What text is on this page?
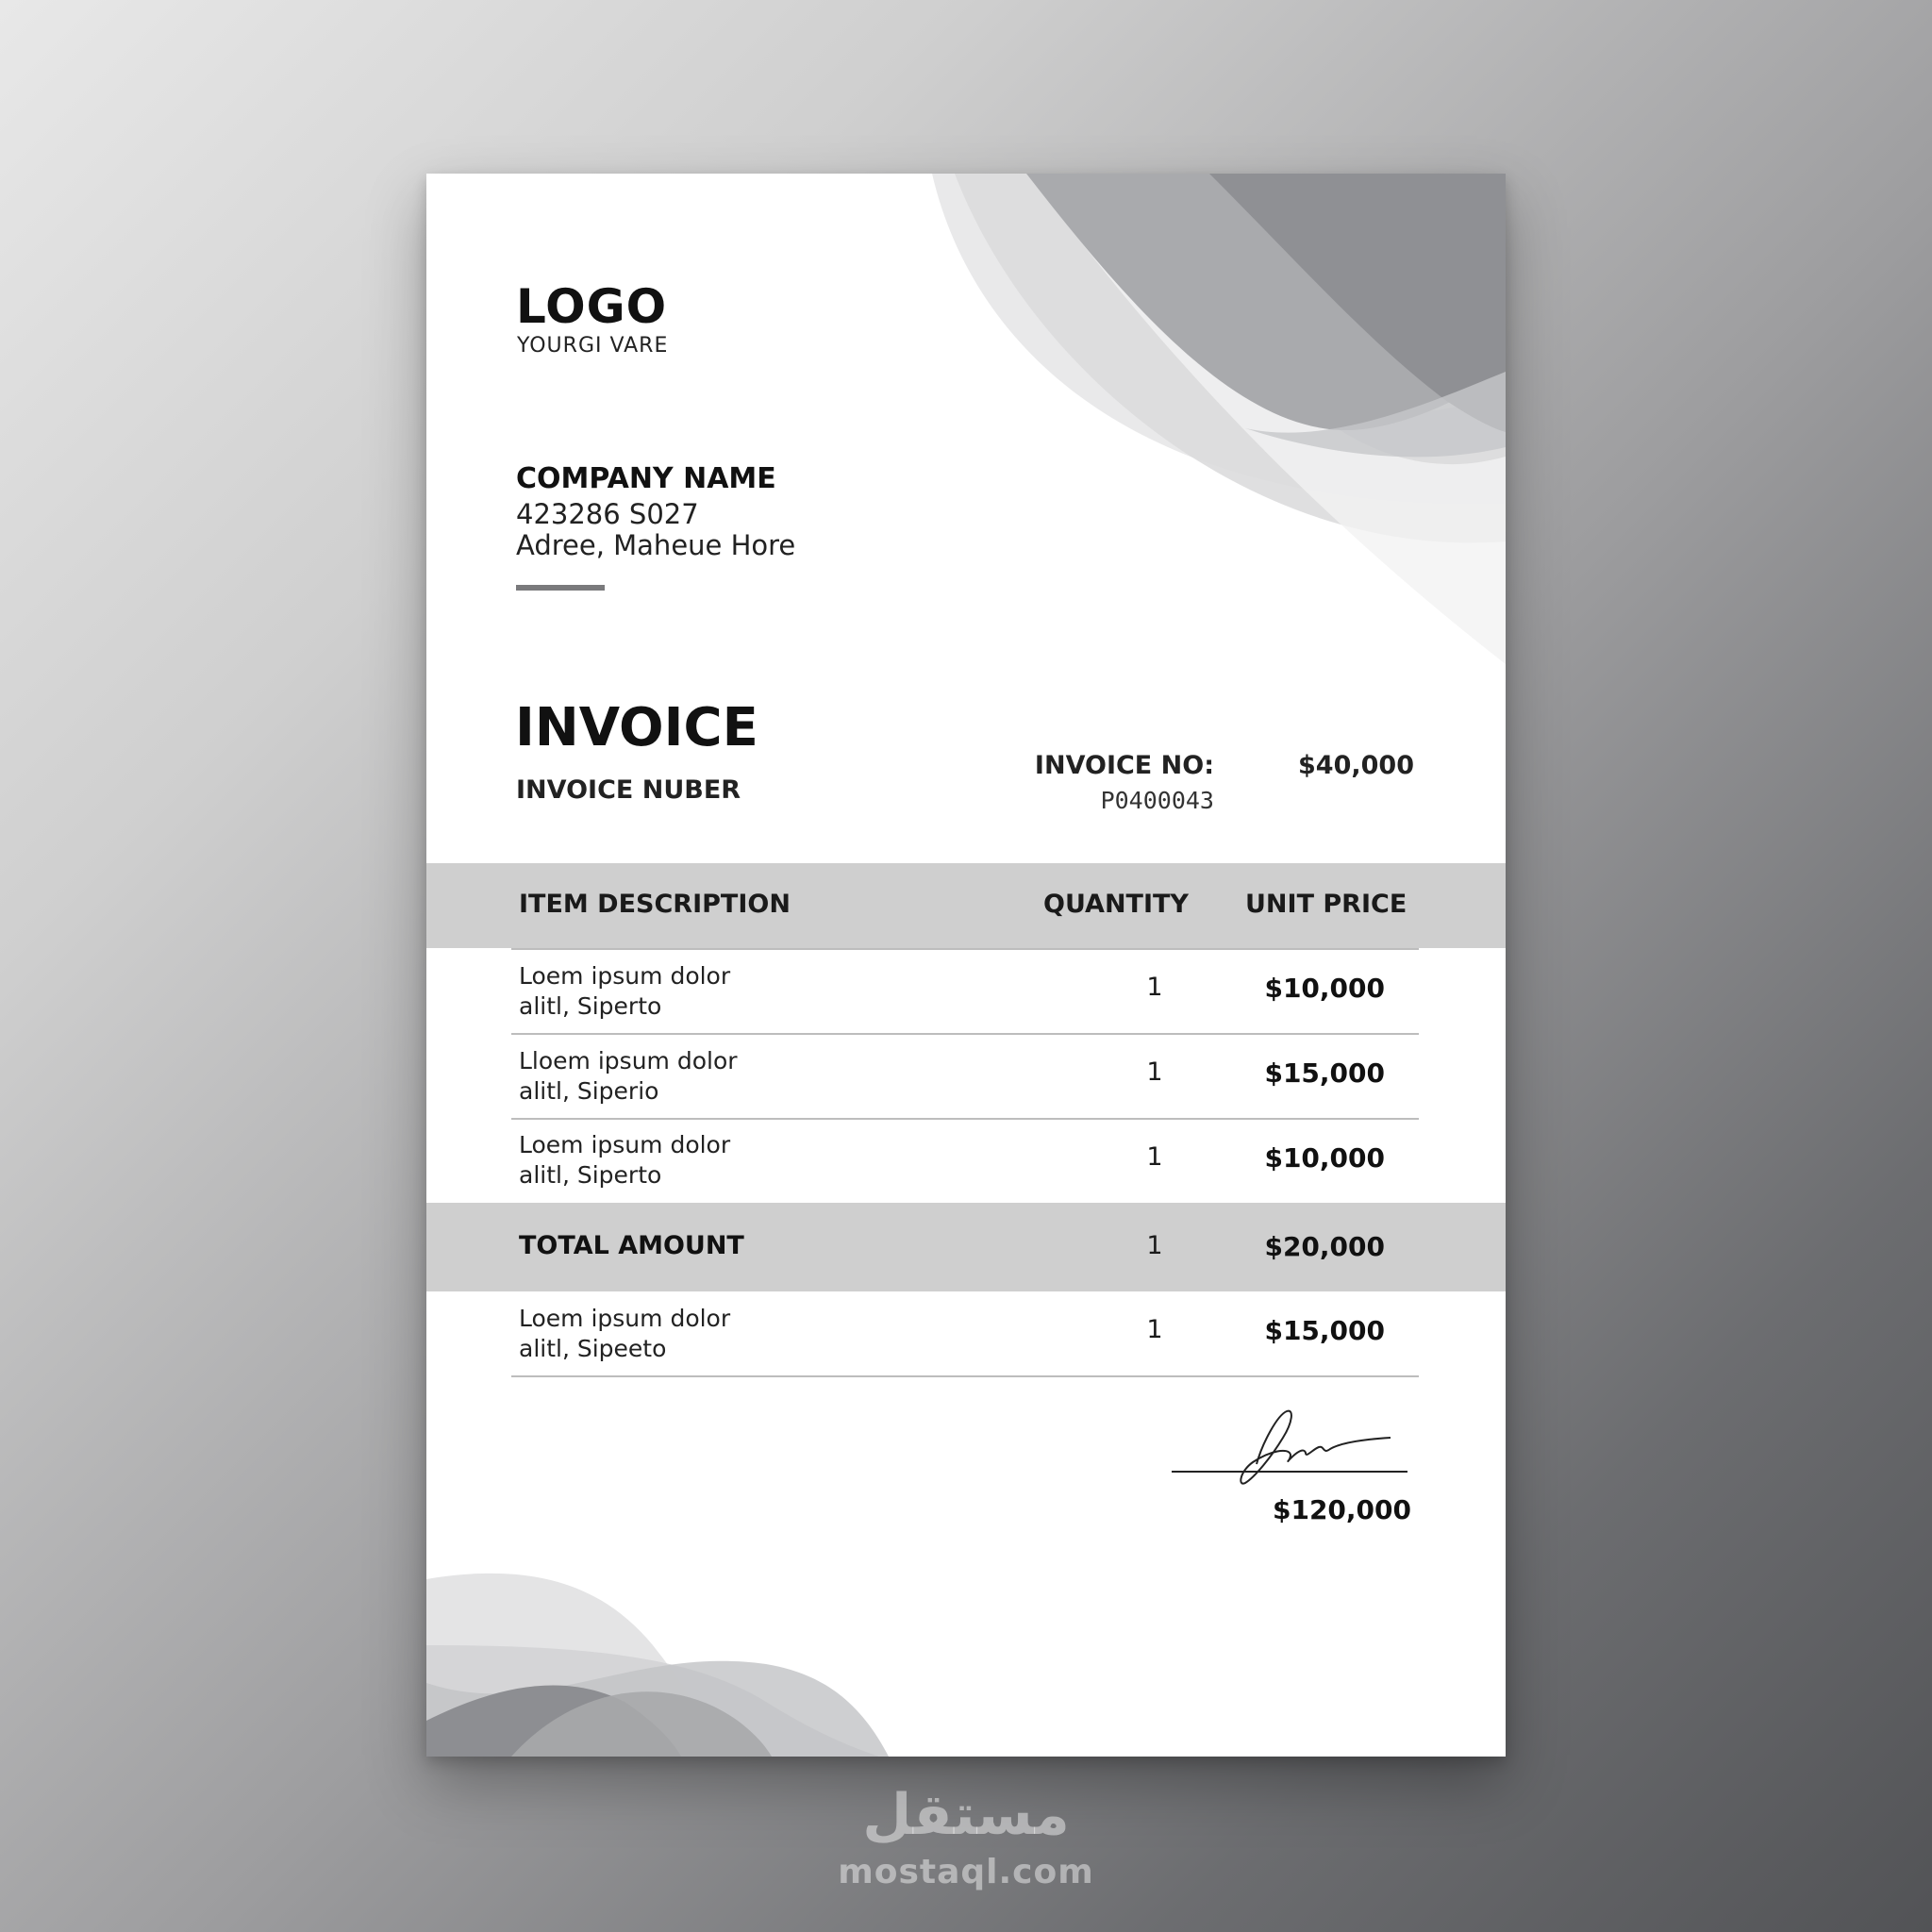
LOGO
YOURGI VARE
COMPANY NAME
423286 S027
Adree, Maheue Hore
INVOICE
INVOICE NUBER
INVOICE NO:
P0400043
$40,000
ITEM DESCRIPTION	QUANTITY UNIT PRICE
Loem ipsum dolor
alitl, Siperto
1	$10,000
Lloem ipsum dolor
alitl, Siperio
1	$15,000
Loem ipsum dolor
alitl, Siperto
1	$10,000
TOTAL AMOUNT	1	$20,000
Loem ipsum dolor
alitl, Sipeeto
1	$15,000
$120,000
مستقل
mostaql.com
